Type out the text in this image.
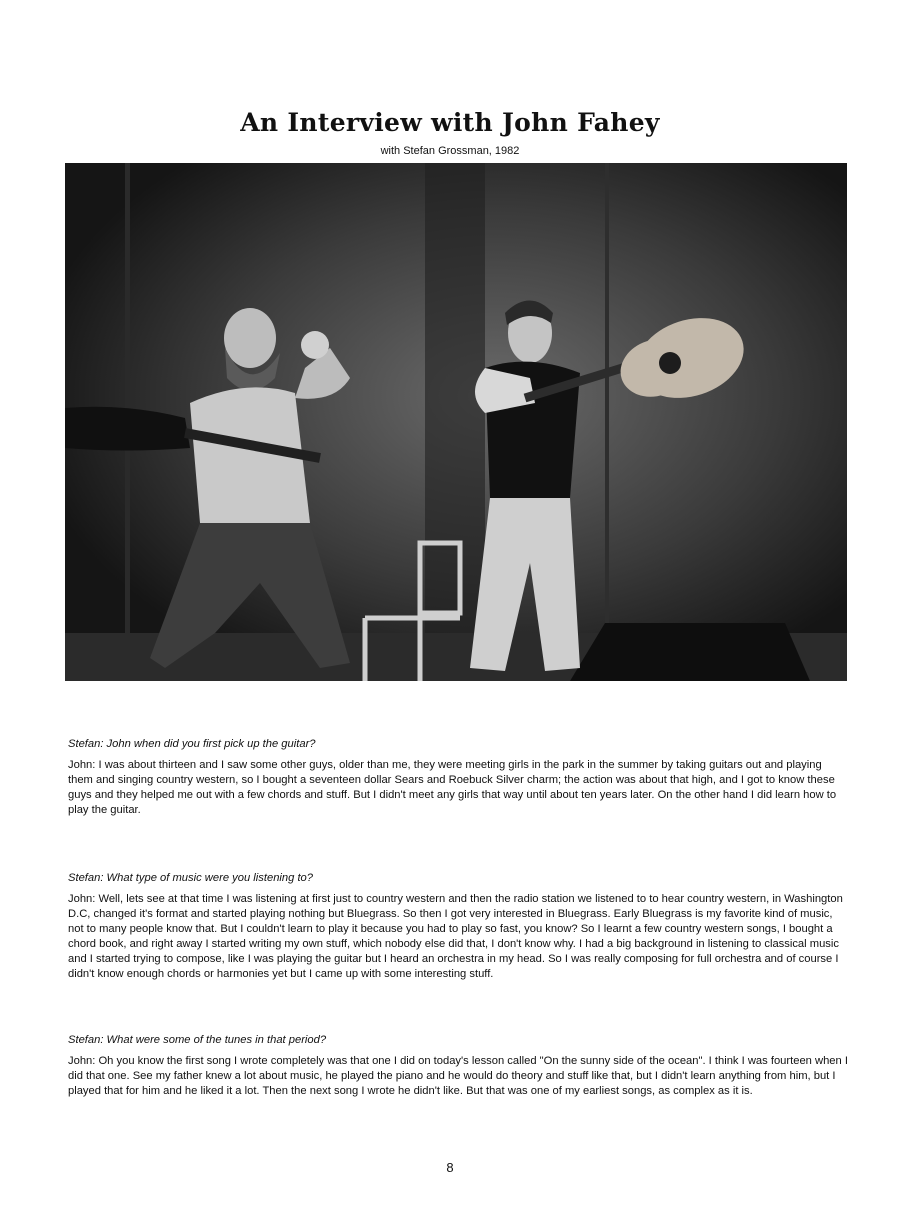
An Interview with John Fahey
with Stefan Grossman, 1982
Stefan: John when did you first pick up the guitar?
John: I was about thirteen and I saw some other guys, older than me, they were meeting girls in the park in the summer by taking guitars out and playing them and singing country western, so I bought a seventeen dollar Sears and Roebuck Silver charm; the action was about that high, and I got to know these guys and they helped me out with a few chords and stuff. But I didn't meet any girls that way until about ten years later. On the other hand I did learn how to play the guitar.
Stefan: What type of music were you listening to?
John: Well, lets see at that time I was listening at first just to country western and then the radio station we listened to to hear country western, in Washington D.C, changed it's format and started playing nothing but Bluegrass. So then I got very interested in Bluegrass. Early Bluegrass is my favorite kind of music, not to many people know that. But I couldn't learn to play it because you had to play so fast, you know? So I learnt a few country western songs, I bought a chord book, and right away I started writing my own stuff, which nobody else did that, I don't know why. I had a big background in listening to classical music and I started trying to compose, like I was playing the guitar but I heard an orchestra in my head. So I was really composing for full orchestra and of course I didn't know enough chords or harmonies yet but I came up with some interesting stuff.
Stefan: What were some of the tunes in that period?
John: Oh you know the first song I wrote completely was that one I did on today's lesson called "On the sunny side of the ocean". I think I was fourteen when I did that one. See my father knew a lot about music, he played the piano and he would do theory and stuff like that, but I didn't learn anything from him, but I played that for him and he liked it a lot. Then the next song I wrote he didn't like. But that was one of my earliest songs, as complex as it is.
8
